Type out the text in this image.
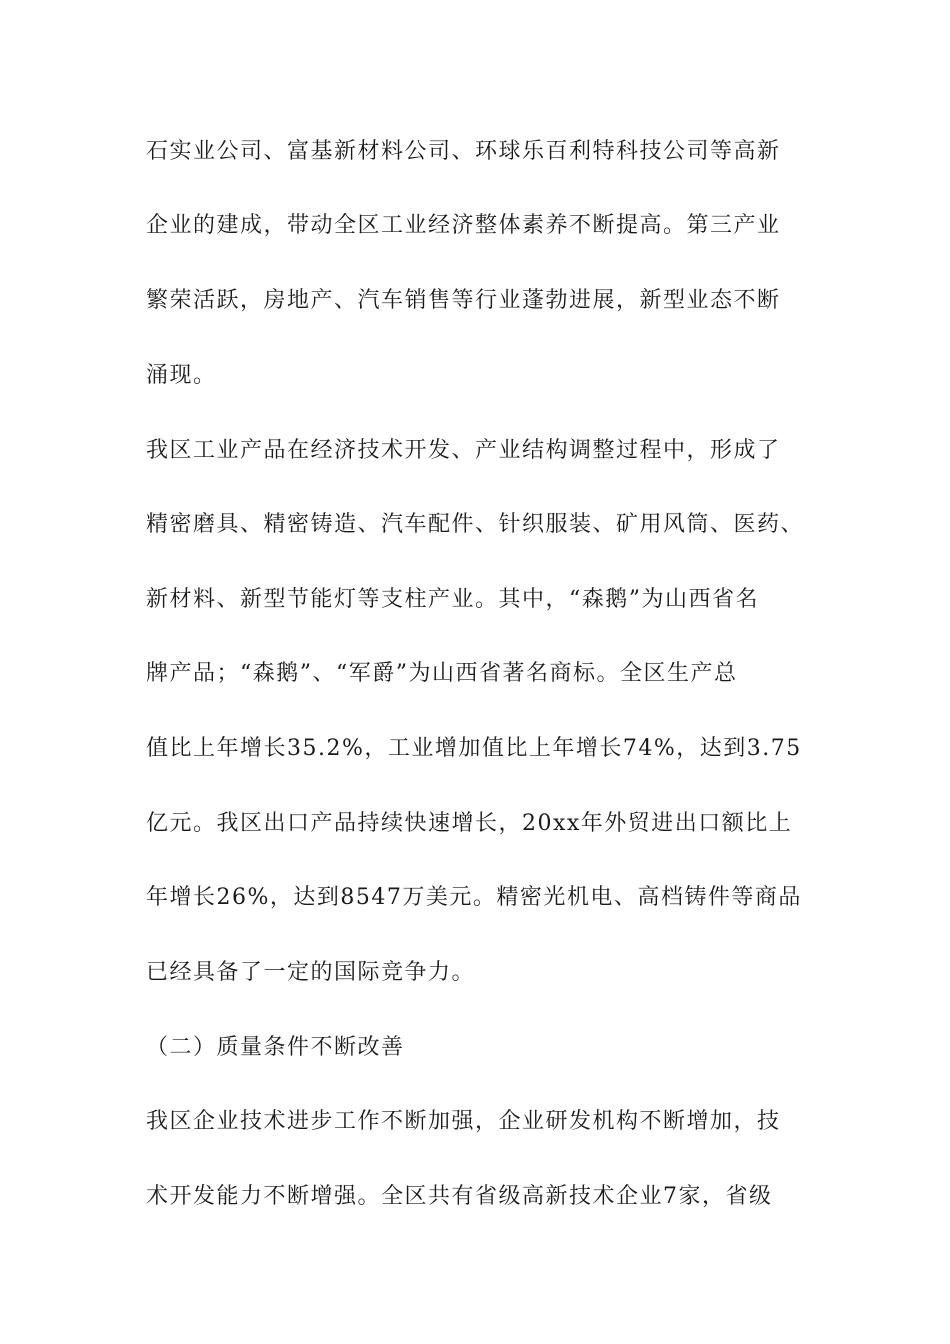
石实业公司、富基新材料公司、环球乐百利特科技公司等高新
企业的建成，带动全区工业经济整体素养不断提高。第三产业
繁荣活跃，房地产、汽车销售等行业蓬勃进展，新型业态不断
涌现。
我区工业产品在经济技术开发、产业结构调整过程中，形成了
精密磨具、精密铸造、汽车配件、针织服装、矿用风筒、医药、
新材料、新型节能灯等支柱产业。其中，“森鹅”为山西省名
牌产品；“森鹅”、“军爵”为山西省著名商标。全区生产总
值比上年增长35.2%，工业增加值比上年增长74%，达到3.75
亿元。我区出口产品持续快速增长，20xx年外贸进出口额比上
年增长26%，达到8547万美元。精密光机电、高档铸件等商品
已经具备了一定的国际竞争力。
（二）质量条件不断改善
我区企业技术进步工作不断加强，企业研发机构不断增加，技
术开发能力不断增强。全区共有省级高新技术企业7家，省级
